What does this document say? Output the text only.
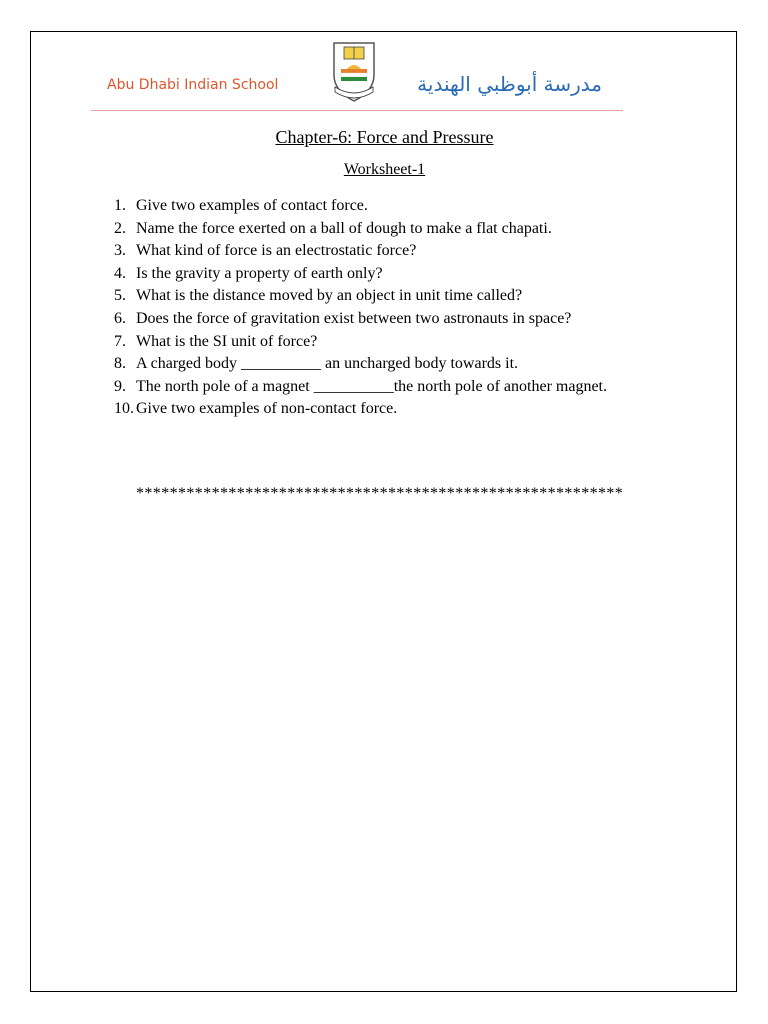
Abu Dhabi Indian School	مدرسة أبوظبي الهندية
Chapter-6: Force and Pressure
Worksheet-1
1. Give two examples of contact force.
2. Name the force exerted on a ball of dough to make a flat chapati.
3. What kind of force is an electrostatic force?
4. Is the gravity a property of earth only?
5. What is the distance moved by an object in unit time called?
6. Does the force of gravitation exist between two astronauts in space?
7. What is the SI unit of force?
8. A charged body __________ an uncharged body towards it.
9. The north pole of a magnet __________the north pole of another magnet.
10. Give two examples of non-contact force.
**********************************************************
